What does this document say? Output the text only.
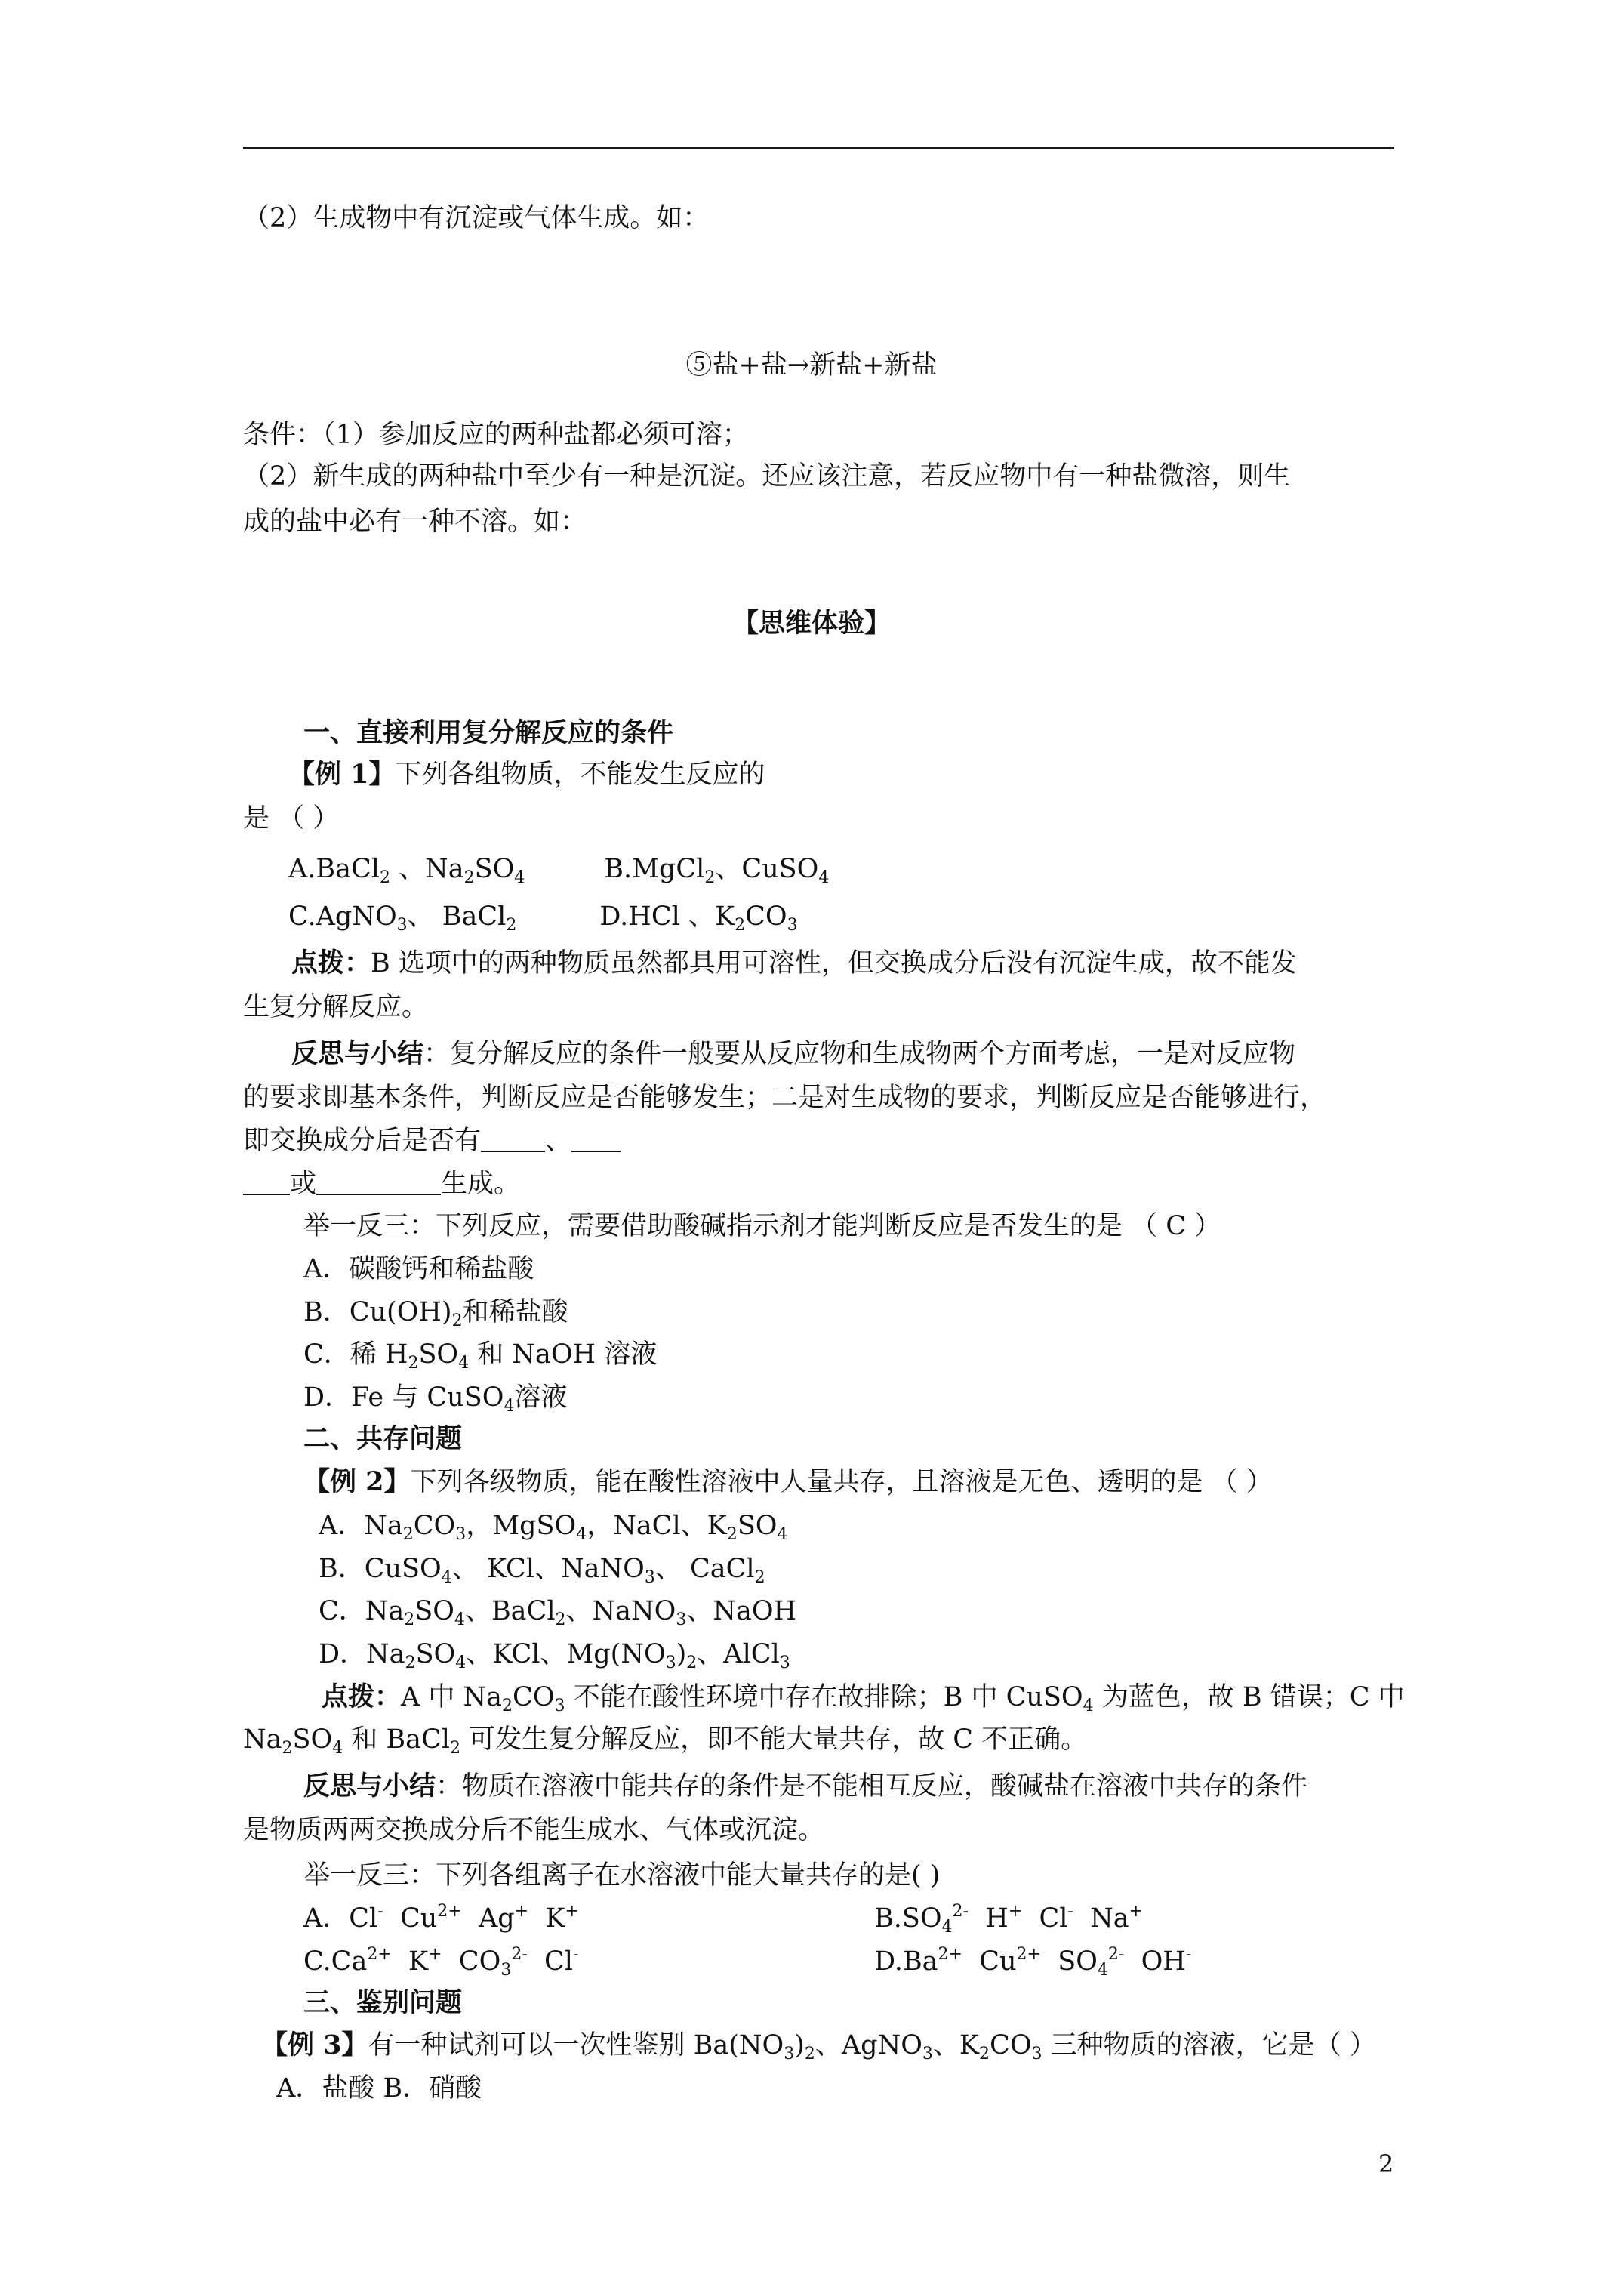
（2）生成物中有沉淀或气体生成。如：
⑤盐+盐→新盐+新盐
条件：（1）参加反应的两种盐都必须可溶；
（2）新生成的两种盐中至少有一种是沉淀。还应该注意，若反应物中有一种盐微溶，则生
成的盐中必有一种不溶。如：
【思维体验】
一、直接利用复分解反应的条件
【例 1】下列各组物质，不能发生反应的
是 （ ）
A.BaCl$_2$ 、$Na_2SO_4$	B.MgCl$_2$、CuSO$_4$
C.AgNO$_3$、 BaCl$_2$	D.HCl 、$K_2CO_3$
点拨：B 选项中的两种物质虽然都具用可溶性，但交换成分后没有沉淀生成，故不能发
生复分解反应。
反思与小结：复分解反应的条件一般要从反应物和生成物两个方面考虑，一是对反应物
的要求即基本条件，判断反应是否能够发生；二是对生成物的要求，判断反应是否能够进行，
即交换成分后是否有 、
或	生成。
举一反三：下列反应，需要借助酸碱指示剂才能判断反应是否发生的是 （ C ）
A．碳酸钙和稀盐酸
B．$Cu(OH)_2$和稀盐酸
C．稀 $H_2SO_4$ 和 NaOH 溶液
D．Fe 与 CuSO$_4$溶液
二、共存问题
【例 2】下列各级物质，能在酸性溶液中人量共存，且溶液是无色、透明的是 （ ）
A．$Na_2CO_3$，MgSO$_4$，NaCl、$K_2SO_4$
B．CuSO$_4$、 KCl、NaNO$_3$、 CaCl$_2$
C．$Na_2SO_4$、BaCl$_2$、NaNO$_3$、NaOH
D．$Na_2SO_4$、KCl、$Mg(NO_3)_2$、AlCl$_3$
点拨：A 中 $Na_2CO_3$ 不能在酸性环境中存在故排除；B 中 CuSO$_4$ 为蓝色，故 B 错误；C 中
$Na_2SO_4$ 和 BaCl$_2$ 可发生复分解反应，即不能大量共存，故 C 不正确。
反思与小结：物质在溶液中能共存的条件是不能相互反应，酸碱盐在溶液中共存的条件
是物质两两交换成分后不能生成水、气体或沉淀。
举一反三：下列各组离子在水溶液中能大量共存的是( )
A．Cl-  $Cu^{2+}$  Ag+  K+	$B.SO_4^{2-}$  H+  Cl-  Na+
$C.Ca^{2+}$  K+  $CO_3^{2-}$  Cl-	$D.Ba^{2+}$  $Cu^{2+}$  $SO_4^{2-}$  OH-
三、鉴别问题
【例 3】有一种试剂可以一次性鉴别 $Ba(NO_3)_2$、AgNO$_3$、$K_2CO_3$ 三种物质的溶液，它是（ ）
A．盐酸 B．硝酸
2
